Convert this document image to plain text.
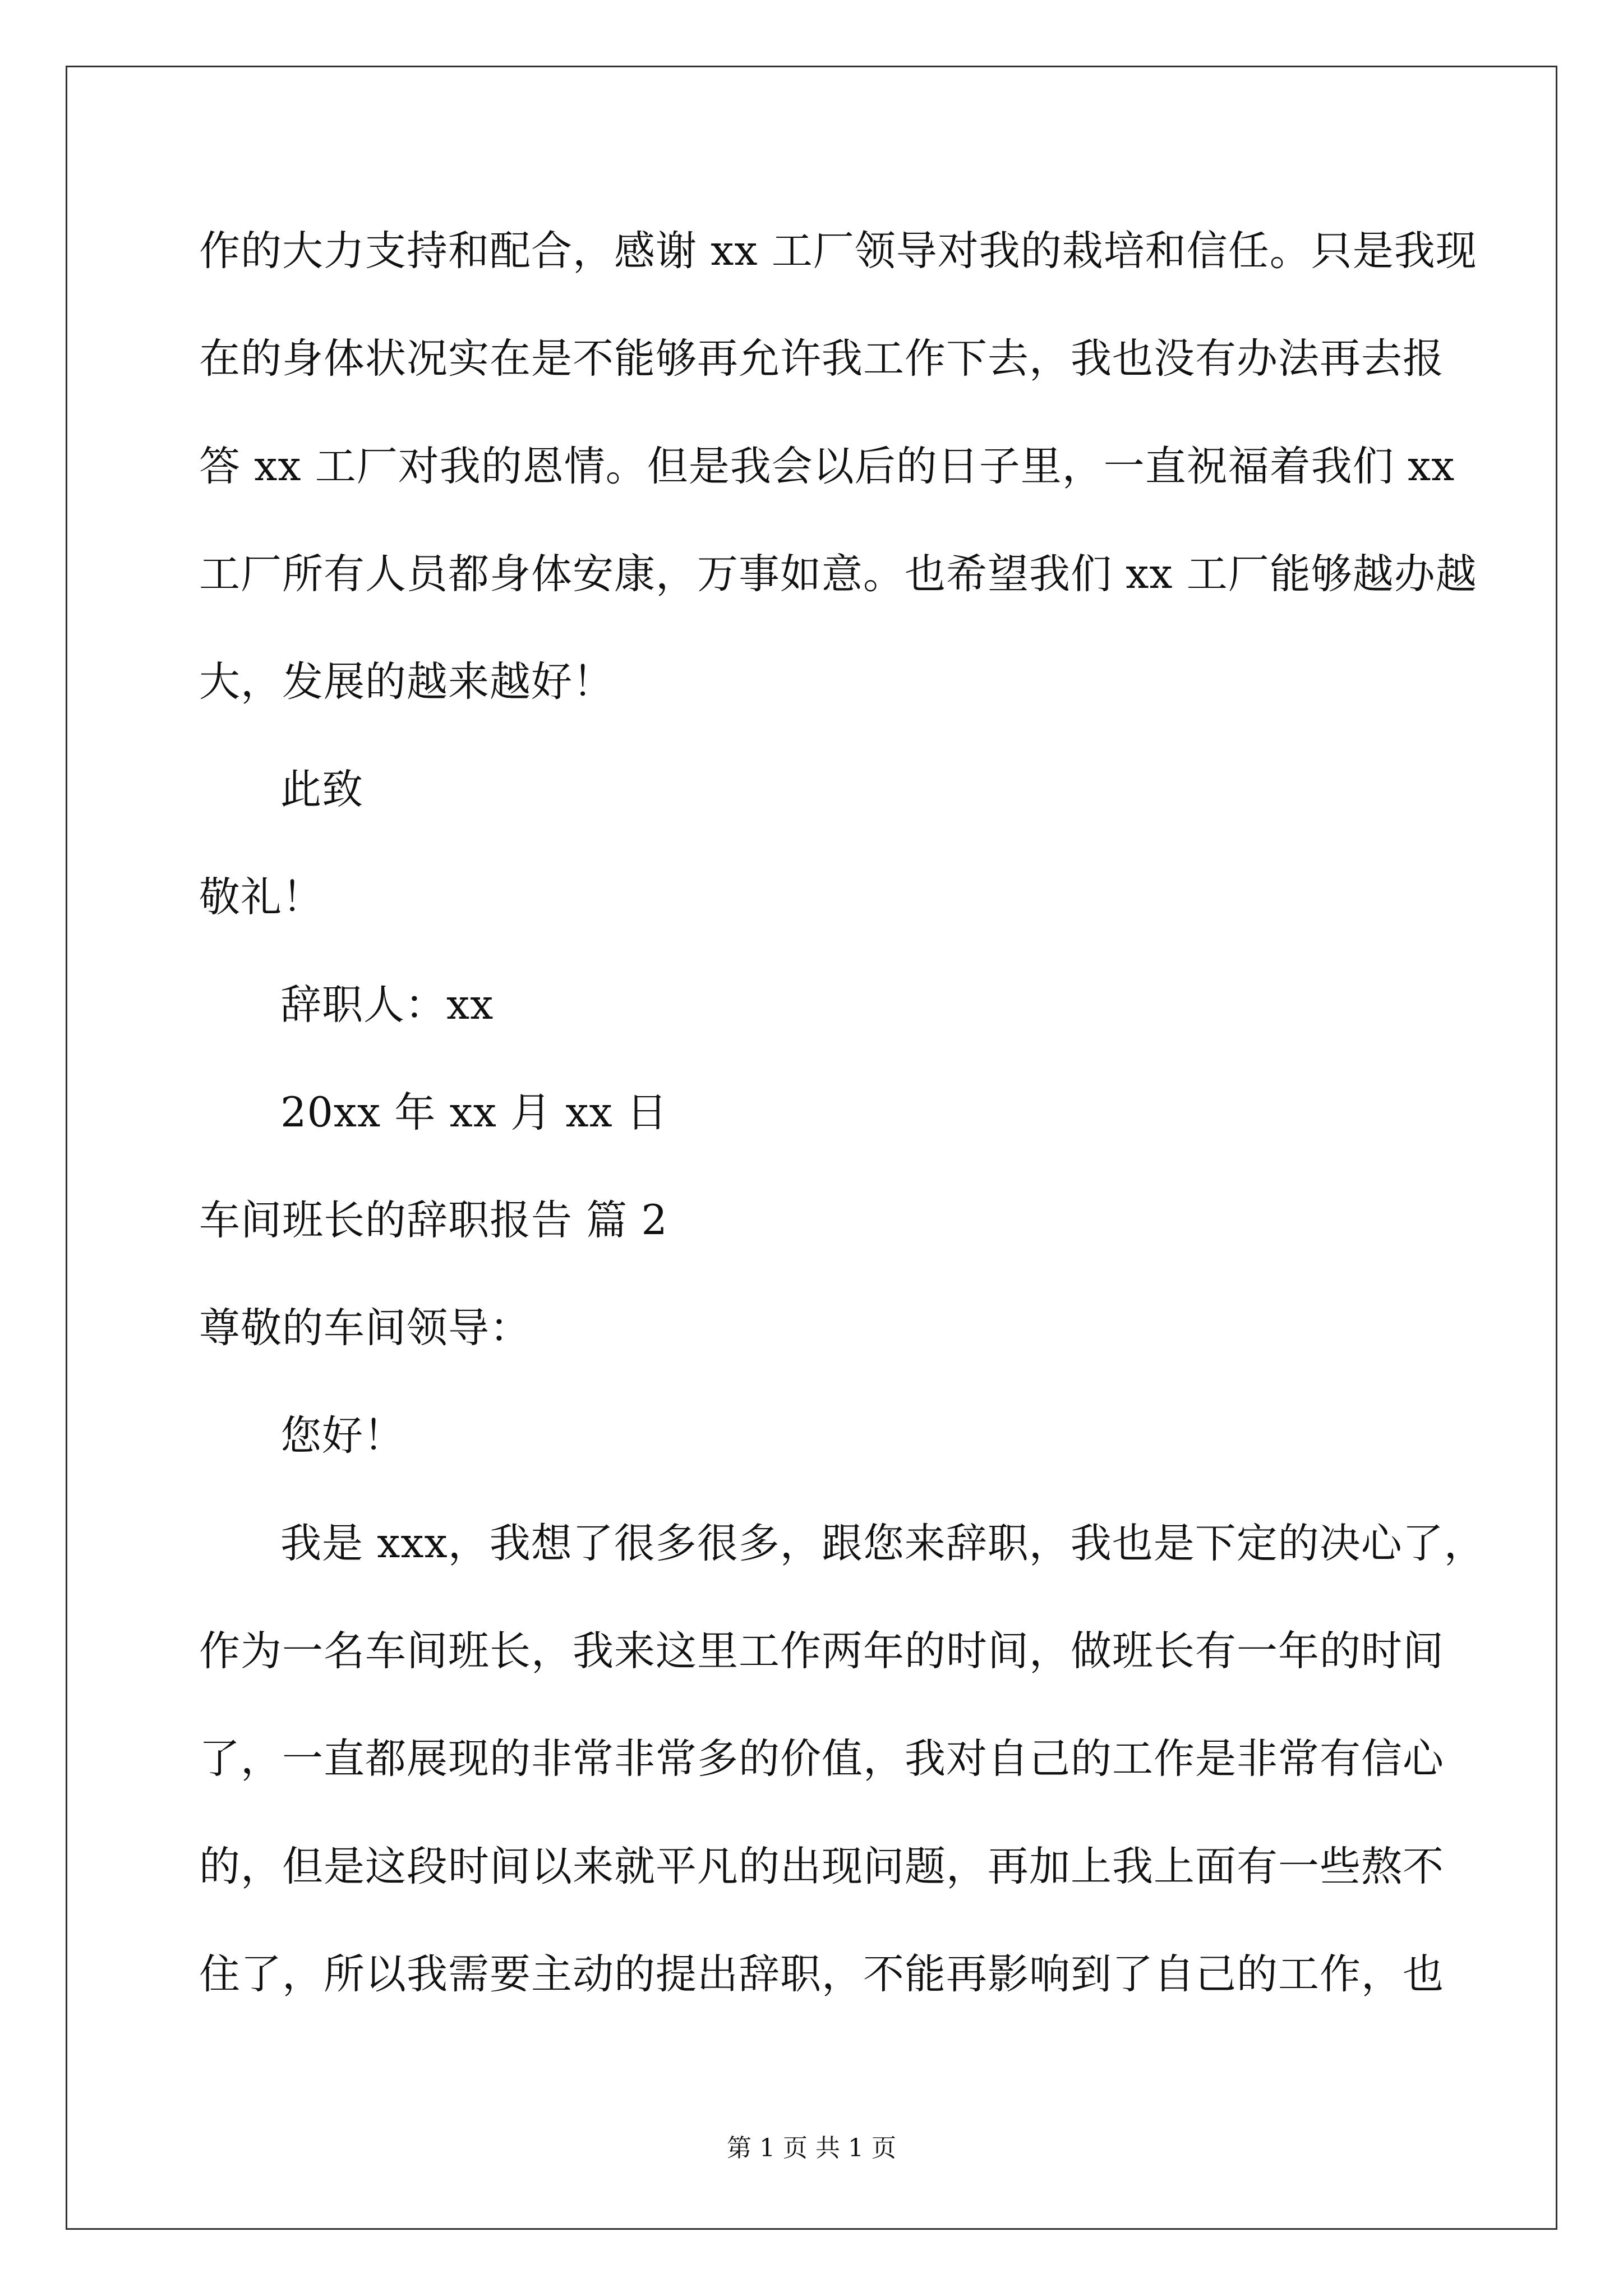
作的大力支持和配合，感谢 xx 工厂领导对我的栽培和信任。只是我现

在的身体状况实在是不能够再允许我工作下去，我也没有办法再去报

答 xx 工厂对我的恩情。但是我会以后的日子里，一直祝福着我们 xx

工厂所有人员都身体安康，万事如意。也希望我们 xx 工厂能够越办越

大，发展的越来越好！

此致

敬礼！

辞职人：xx

20xx 年 xx 月 xx 日

车间班长的辞职报告 篇 2

尊敬的车间领导：

您好！

我是 xxx，我想了很多很多，跟您来辞职，我也是下定的决心了，

作为一名车间班长，我来这里工作两年的时间，做班长有一年的时间

了，一直都展现的非常非常多的价值，我对自己的工作是非常有信心

的，但是这段时间以来就平凡的出现问题，再加上我上面有一些熬不

住了，所以我需要主动的提出辞职，不能再影响到了自己的工作，也

第 1 页 共 1 页
